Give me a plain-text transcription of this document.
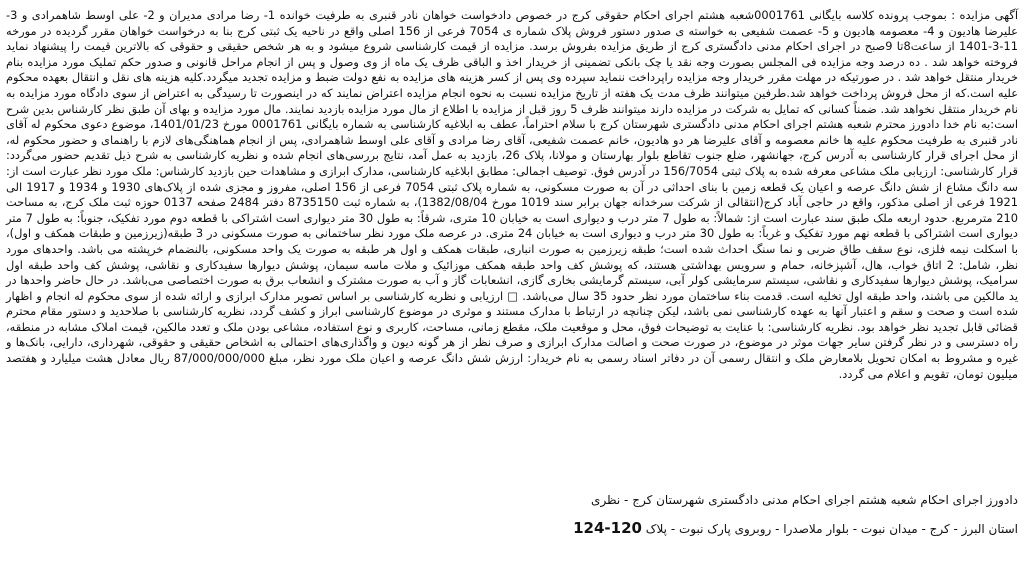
آگهی مزایده : بموجب پرونده کلاسه بایگانی 0001761شعبه هشتم اجرای احکام حقوقی کرج در خصوص دادخواست خواهان نادر قنبری به طرفیت خوانده 1- رضا مرادی مدیران و 2- علی اوسط شاهمرادی و 3- علیرضا هادیون و 4- معصومه هادیون و 5- عصمت شفیعی به خواسته ی صدور دستور فروش پلاک شماره ی 7054 فرعی از 156 اصلی واقع در ناحیه یک ثبتی کرج بنا به درخواست خواهان مقرر گردیده در مورخه 11-3-1401 از ساعت8تا 9صبح در اجرای احکام مدنی دادگستری کرج از طریق مزایده بفروش برسد. مزایده از قیمت کارشناسی شروع میشود و به هر شخص حقیقی و حقوقی که بالاترین قیمت را پیشنهاد نماید فروخته خواهد شد . ده درصد وجه مزایده فی المجلس بصورت وجه نقد یا چک بانکی تضمینی از خریدار اخذ و الباقی ظرف یک ماه از وی وصول و پس از انجام مراحل قانونی و صدور حکم تملیک مورد مزایده بنام خریدار منتقل خواهد شد . در صورتیکه در مهلت مقرر خریدار وجه مزایده راپرداخت ننماید سپرده وی پس از کسر هزینه های مزایده به نفع دولت ضبط و مزایده تجدید میگردد.کلیه هزینه های نقل و انتقال بعهده محکوم علیه است.که از محل فروش پرداخت خواهد شد.طرفین میتوانند ظرف مدت یک هفته از تاریخ مزایده نسبت به نحوه انجام مزایده اعتراض نمایند که در اینصورت تا رسیدگی به اعتراض از سوی دادگاه مورد مزایده به نام خریدار منتقل نخواهد شد. ضمناً کسانی که تمایل به شرکت در مزایده دارند میتوانند ظرف 5 روز قبل از مزایده با اطلاع از مال مورد مزایده بازدید نمایند. مال مورد مزایده و بهای آن طبق نظر کارشناس بدین شرح است:به نام خدا دادورز محترم شعبه هشتم اجرای احکام مدنی دادگستری شهرستان کرج با سلام احتراماً، عطف به ابلاغیه کارشناسی به شماره بایگانی 0001761 مورخ 1401/01/23، موضوع دعوی محکوم له آقای نادر قنبری به طرفیت محکوم علیه ها خانم معصومه و آقای علیرضا هر دو هادیون، خانم عصمت شفیعی، آقای رضا مرادی و آقای علی اوسط شاهمرادی، پس از انجام هماهنگی‌های لازم با راهنمای و حضور محکوم له، از محل اجرای قرار کارشناسی به آدرس کرج، جهانشهر، ضلع جنوب تقاطع بلوار بهارستان و مولانا، پلاک 26، بازدید به عمل آمد، نتایج بررسی‌های انجام شده و نظریه کارشناسی به شرح ذیل تقدیم حضور می‌گردد: قرار کارشناسی: ارزیابی ملک مشاعی معرفه شده به پلاک ثبتی 156/7054 در آدرس فوق. توصیف اجمالی: مطابق ابلاغیه کارشناسی، مدارک ابرازی و مشاهدات حین بازدید کارشناس: ملک مورد نظر عبارت است از: سه دانگ مشاع از شش دانگ عرصه و اعیان یک قطعه زمین با بنای احداثی در آن به صورت مسکونی، به شماره پلاک ثبتی 7054 فرعی از 156 اصلی، مفروز و مجزی شده از پلاک‌های 1930 و 1934 و 1917 الی 1921 فرعی از اصلی مذکور، واقع در حاجی آباد کرج(انتقالی از شرکت سرخدانه جهان برابر سند 1019 مورخ 1382/08/04)، به شماره ثبت 8735150 دفتر 2484 صفحه 0137 حوزه ثبت ملک کرج، به مساحت 210 مترمربع. حدود اربعه ملک طبق سند عبارت است از: شمالاً: به طول 7 متر درب و دیواری است به خیابان 10 متری، شرقاً: به طول 30 متر دیواری است اشتراکی با قطعه دوم مورد تفکیک، جنوباً: به طول 7 متر دیواری است اشتراکی با قطعه نهم مورد تفکیک و غرباً: به طول 30 متر درب و دیواری است به خیابان 24 متری. در عرصه ملک مورد نظر ساختمانی به صورت مسکونی در 3 طبقه(زیرزمین و طبقات همکف و اول)، با اسکلت نیمه فلزی، نوع سقف طاق ضربی و نما سنگ احداث شده است؛ طبقه زیرزمین به صورت انباری، طبقات همکف و اول هر طبقه به صورت یک واحد مسکونی، بالنضمام خرپشته می باشد. واحدهای مورد نظر، شامل: 2 اتاق خواب، هال، آشپزخانه، حمام و سرویس بهداشتی هستند، که پوشش کف واحد طبقه همکف موزائیک و ملات ماسه سیمان، پوشش دیوارها سفیدکاری و نقاشی، پوشش کف واحد طبقه اول سرامیک، پوشش دیوارها سفیدکاری و نقاشی، سیستم سرمایشی کولر آبی، سیستم گرمایشی بخاری گازی، انشعابات گاز و آب به صورت مشترک و انشعاب برق به صورت اختصاصی می‌باشد. در حال حاضر واحدها در ید مالکین می باشند، واحد طبقه اول تخلیه است. قدمت بناء ساختمان مورد نظر حدود 35 سال می‌باشد. □ ارزیابی و نظریه کارشناسی بر اساس تصویر مدارک ابرازی و ارائه شده از سوی محکوم له انجام و اظهار شده است و صحت و سقم و اعتبار آنها به عهده کارشناسی نمی باشد، لیکن چنانچه در ارتباط با مدارک مستند و موثری در موضوع کارشناسی ابراز و کشف گردد، نظریه کارشناسی با صلاحدید و دستور مقام محترم قضائی قابل تجدید نظر خواهد بود. نظریه کارشناسی: با عنایت به توضیحات فوق، محل و موقعیت ملک، مقطع زمانی، مساحت، کاربری و نوع استفاده، مشاعی بودن ملک و تعدد مالکین، قیمت املاک مشابه در منطقه، راه دسترسی و در نظر گرفتن سایر جهات موثر در موضوع، در صورت صحت و اصالت مدارک ابرازی و صرف نظر از هر گونه دیون و واگذاری‌های احتمالی به اشخاص حقیقی و حقوقی، شهرداری، دارایی، بانک‌ها و غیره و مشروط به امکان تحویل بلامعارض ملک و انتقال رسمی آن در دفاتر اسناد رسمی به نام خریدار: ارزش شش دانگ عرصه و اعیان ملک مورد نظر، مبلغ 87/000/000/000 ریال معادل هشت میلیارد و هفتصد میلیون تومان، تقویم و اعلام می گردد.

دادورز اجرای احکام شعبه هشتم اجرای احکام مدنی دادگستری شهرستان کرج - نظری

استان البرز - کرج - میدان نبوت - بلوار ملاصدرا - روبروی پارک نبوت - پلاک 124-120
